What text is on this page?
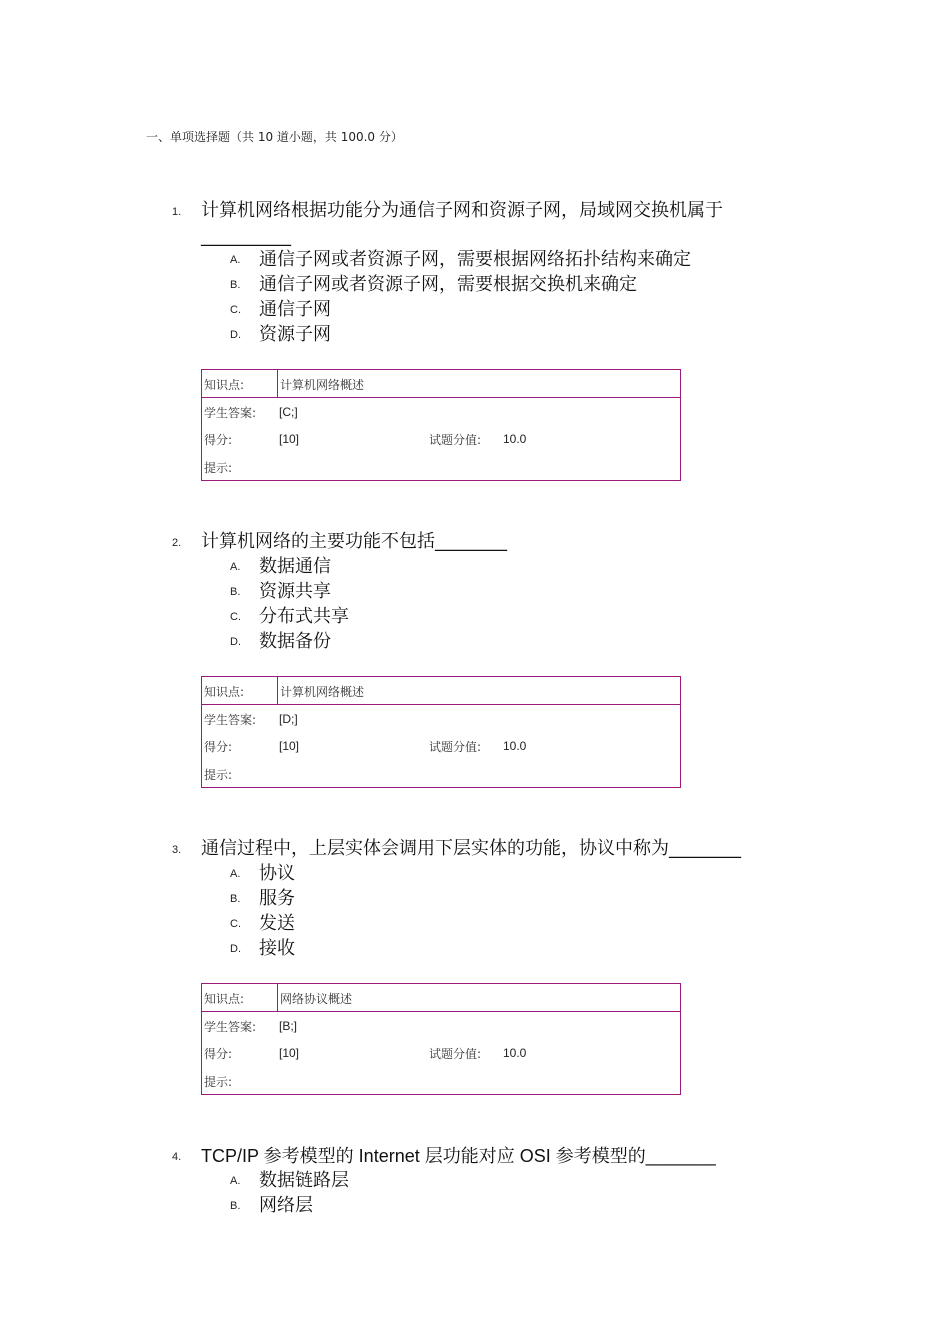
一、单项选择题（共 10 道小题，共 100.0 分）
1. 计算机网络根据功能分为通信子网和资源子网，局域网交换机属于__________
A. 通信子网或者资源子网，需要根据网络拓扑结构来确定
B. 通信子网或者资源子网，需要根据交换机来确定
C. 通信子网
D. 资源子网
知识点:	计算机网络概述
学生答案: [C;]
得分:	[10]	试题分值: 10.0
提示:
2. 计算机网络的主要功能不包括________
A. 数据通信
B. 资源共享
C. 分布式共享
D. 数据备份
知识点:	计算机网络概述
学生答案: [D;]
得分:	[10]	试题分值: 10.0
提示:
3. 通信过程中，上层实体会调用下层实体的功能，协议中称为________
A. 协议
B. 服务
C. 发送
D. 接收
知识点:	网络协议概述
学生答案: [B;]
得分:	[10]	试题分值: 10.0
提示:
4. TCP/IP 参考模型的 Internet 层功能对应 OSI 参考模型的_______
A. 数据链路层
B. 网络层
